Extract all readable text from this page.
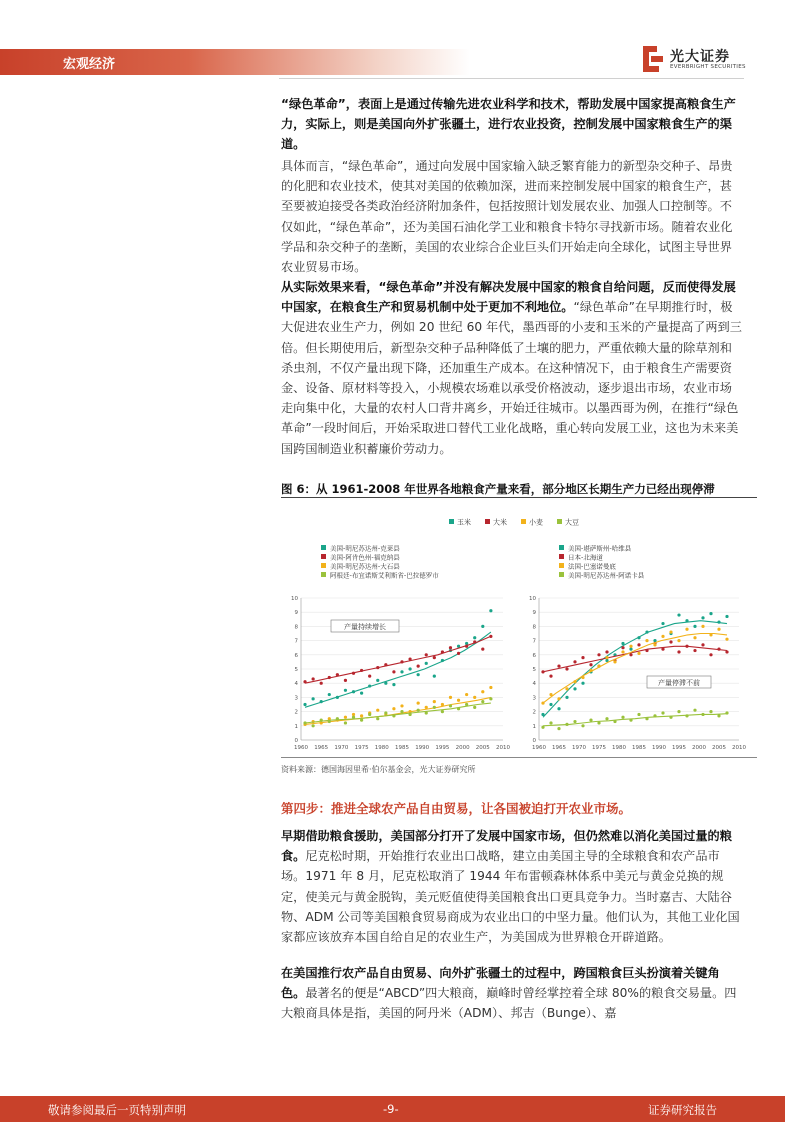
宏观经济	光大证券
EVERBRIGHT SECURITIES

“绿色革命”，表面上是通过传输先进农业科学和技术，帮助发展中国家提高粮食生产力，实际上，则是美国向外扩张疆土，进行农业投资，控制发展中国家粮食生产的渠道。

具体而言，“绿色革命”，通过向发展中国家输入缺乏繁育能力的新型杂交种子、昂贵的化肥和农业技术，使其对美国的依赖加深，进而来控制发展中国家的粮食生产，甚至要被迫接受各类政治经济附加条件，包括按照计划发展农业、加强人口控制等。不仅如此，“绿色革命”，还为美国石油化学工业和粮食卡特尔寻找新市场。随着农业化学品和杂交种子的垄断，美国的农业综合企业巨头们开始走向全球化，试图主导世界农业贸易市场。

从实际效果来看，“绿色革命”并没有解决发展中国家的粮食自给问题，反而使得发展中国家，在粮食生产和贸易机制中处于更加不利地位。“绿色革命”在早期推行时，极大促进农业生产力，例如 20 世纪 60 年代，墨西哥的小麦和玉米的产量提高了两到三倍。但长期使用后，新型杂交种子品种降低了土壤的肥力，严重依赖大量的除草剂和杀虫剂，不仅产量出现下降，还加重生产成本。在这种情况下，由于粮食生产需要资金、设备、原材料等投入，小规模农场难以承受价格波动，逐步退出市场，农业市场走向集中化，大量的农村人口背井离乡，开始迁往城市。以墨西哥为例，在推行“绿色革命”一段时间后，开始采取进口替代工业化战略，重心转向发展工业，这也为未来美国跨国制造业积蓄廉价劳动力。

图 6：从 1961-2008 年世界各地粮食产量来看，部分地区长期生产力已经出现停滞
玉米	大米	小麦	大豆
美国-明尼苏达州-克莱县
美国-阿肯色州-福克纳县
美国-明尼苏达州-大石县
阿根廷-布宜诺斯艾利斯省-巴拉德罗市
0
1
2
3
4
5
6
7
8
9
10
1960 1965 1970 1975 1980 1985 1990 1995 2000 2005 2010
产量持续增长
美国-堪萨斯州-哈维县
日本-北海道
法国-巴塞诺曼底
美国-明尼苏达州-阿诺卡县
0
1
2
3
4
5
6
7
8
9
10
1960 1965 1970 1975 1980 1985 1990 1995 2000 2005 2010
产量停滞不前
资料来源：德国海因里希·伯尔基金会，光大证券研究所
第四步：推进全球农产品自由贸易，让各国被迫打开农业市场。

早期借助粮食援助，美国部分打开了发展中国家市场，但仍然难以消化美国过量的粮食。尼克松时期，开始推行农业出口战略，建立由美国主导的全球粮食和农产品市场。1971 年 8 月，尼克松取消了 1944 年布雷顿森林体系中美元与黄金兑换的规定，使美元与黄金脱钩，美元贬值使得美国粮食出口更具竞争力。当时嘉吉、大陆谷物、ADM 公司等美国粮食贸易商成为农业出口的中坚力量。他们认为，其他工业化国家都应该放弃本国自给自足的农业生产，为美国成为世界粮仓开辟道路。

在美国推行农产品自由贸易、向外扩张疆土的过程中，跨国粮食巨头扮演着关键角色。最著名的便是“ABCD”四大粮商，巅峰时曾经掌控着全球 80%的粮食交易量。四大粮商具体是指，美国的阿丹米（ADM）、邦吉（Bunge）、嘉

敬请参阅最后一页特别声明	-9-	证券研究报告
